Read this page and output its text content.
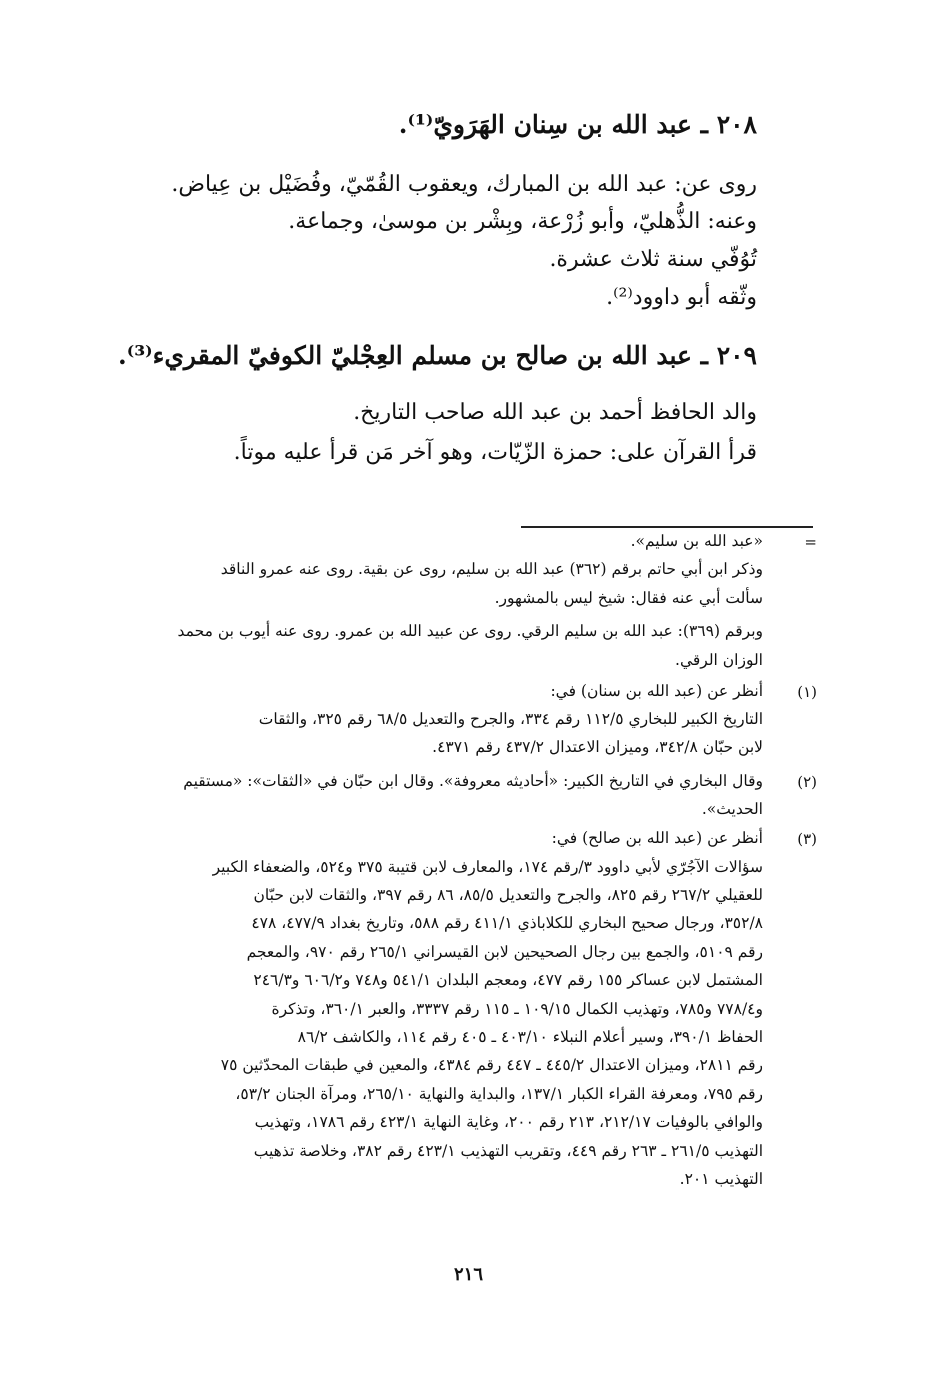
٢٠٨ ـ عبد الله بن سِنان الهَرَويّ⁽¹⁾.
روى عن: عبد الله بن المبارك، ويعقوب القُمّيّ، وفُضَيْل بن عِياض.
وعنه: الذُّهليّ، وأبو زُرْعة، وبِشْر بن موسىٰ، وجماعة.
تُوُفّي سنة ثلاث عشرة.
وثّقه أبو داوود⁽²⁾.
٢٠٩ ـ عبد الله بن صالح بن مسلم العِجْليّ الكوفيّ المقريء⁽³⁾.
والد الحافظ أحمد بن عبد الله صاحب التاريخ.
قرأ القرآن على: حمزة الزّيّات، وهو آخر مَن قرأ عليه موتاً.
=
«عبد الله بن سليم».
وذكر ابن أبي حاتم برقم (٣٦٢) عبد الله بن سليم، روى عن بقية. روى عنه عمرو الناقد
سألت أبي عنه فقال: شيخ ليس بالمشهور.
وبرقم (٣٦٩): عبد الله بن سليم الرقي. روى عن عبيد الله بن عمرو. روى عنه أيوب بن محمد
الوزان الرقي.
(١)
أنظر عن (عبد الله بن سنان) في:
التاريخ الكبير للبخاري ١١٢/٥ رقم ٣٣٤، والجرح والتعديل ٦٨/٥ رقم ٣٢٥، والثقات
لابن حبّان ٣٤٢/٨، وميزان الاعتدال ٤٣٧/٢ رقم ٤٣٧١.
(٢)
وقال البخاري في التاريخ الكبير: «أحاديثه معروفة». وقال ابن حبّان في «الثقات»: «مستقيم
الحديث».
(٣)
أنظر عن (عبد الله بن صالح) في:
سؤالات الآجُرّي لأبي داوود ٣/رقم ١٧٤، والمعارف لابن قتيبة ٣٧٥ و٥٢٤، والضعفاء الكبير
للعقيلي ٢٦٧/٢ رقم ٨٢٥، والجرح والتعديل ٨٥/٥، ٨٦ رقم ٣٩٧، والثقات لابن حبّان
٣٥٢/٨، ورجال صحيح البخاري للكلاباذي ٤١١/١ رقم ٥٨٨، وتاريخ بغداد ٤٧٧/٩، ٤٧٨
رقم ٥١٠٩، والجمع بين رجال الصحيحين لابن القيسراني ٢٦٥/١ رقم ٩٧٠، والمعجم
المشتمل لابن عساكر ١٥٥ رقم ٤٧٧، ومعجم البلدان ٥٤١/١ و٧٤٨ و٦٠٦/٢ و٢٤٦/٣
و٧٧٨/٤ و٧٨٥، وتهذيب الكمال ١٠٩/١٥ ـ ١١٥ رقم ٣٣٣٧، والعبر ٣٦٠/١، وتذكرة
الحفاظ ٣٩٠/١، وسير أعلام النبلاء ٤٠٣/١٠ ـ ٤٠٥ رقم ١١٤، والكاشف ٨٦/٢
رقم ٢٨١١، وميزان الاعتدال ٤٤٥/٢ ـ ٤٤٧ رقم ٤٣٨٤، والمعين في طبقات المحدّثين ٧٥
رقم ٧٩٥، ومعرفة القراء الكبار ١٣٧/١، والبداية والنهاية ٢٦٥/١٠، ومرآة الجنان ٥٣/٢،
والوافي بالوفيات ٢١٢/١٧، ٢١٣ رقم ٢٠٠، وغاية النهاية ٤٢٣/١ رقم ١٧٨٦، وتهذيب
التهذيب ٢٦١/٥ ـ ٢٦٣ رقم ٤٤٩، وتقريب التهذيب ٤٢٣/١ رقم ٣٨٢، وخلاصة تذهيب
التهذيب ٢٠١.
٢١٦
